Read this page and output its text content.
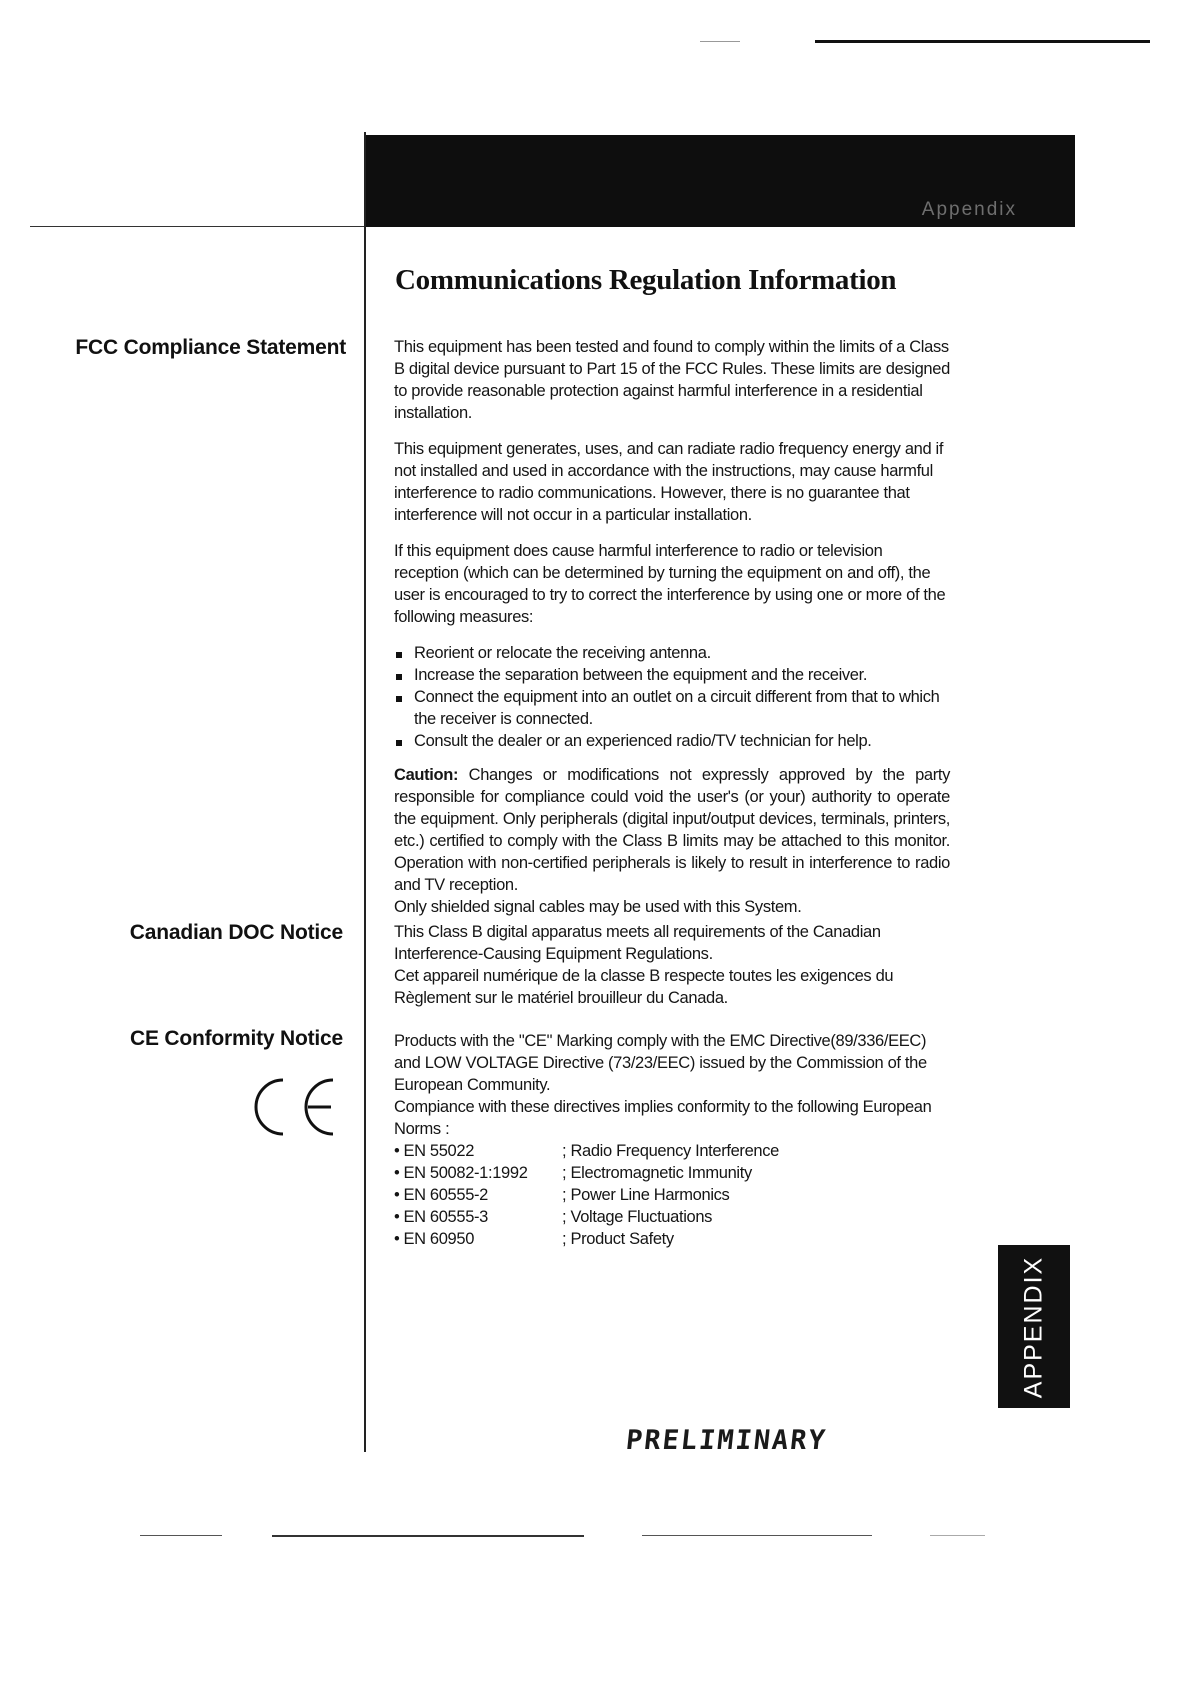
Appendix
Communications Regulation Information
FCC Compliance Statement
Canadian DOC Notice
CE Conformity Notice

This equipment has been tested and found to comply within the limits of a Class B digital device pursuant to Part 15 of the FCC Rules. These limits are designed to provide reasonable protection against harmful interference in a residential installation.

This equipment generates, uses, and can radiate radio frequency energy and if not installed and used in accordance with the instructions, may cause harmful interference to radio communications. However, there is no guarantee that interference will not occur in a particular installation.

If this equipment does cause harmful interference to radio or television reception (which can be determined by turning the equipment on and off), the user is encouraged to try to correct the interference by using one or more of the following measures:

Reorient or relocate the receiving antenna.
Increase the separation between the equipment and the receiver.
Connect the equipment into an outlet on a circuit different from that to which the receiver is connected.
Consult the dealer or an experienced radio/TV technician for help.

Caution: Changes or modifications not expressly approved by the party responsible for compliance could void the user's (or your) authority to operate the equipment. Only peripherals (digital input/output devices, terminals, printers, etc.) certified to comply with the Class B limits may be attached to this monitor. Operation with non-certified peripherals is likely to result in interference to radio and TV reception.

Only shielded signal cables may be used with this System.

This Class B digital apparatus meets all requirements of the Canadian Interference-Causing Equipment Regulations.

Cet appareil numérique de la classe B respecte toutes les exigences du Règlement sur le matériel brouilleur du Canada.

Products with the "CE" Marking comply with the EMC Directive(89/336/EEC) and LOW VOLTAGE Directive (73/23/EEC) issued by the Commission of the European Community.

Compiance with these directives implies conformity to the following European Norms :

• EN 55022	; Radio Frequency Interference
• EN 50082-1:1992	; Electromagnetic Immunity
• EN 60555-2	; Power Line Harmonics
• EN 60555-3	; Voltage Fluctuations
• EN 60950	; Product Safety
APPENDIX
PRELIMINARY
